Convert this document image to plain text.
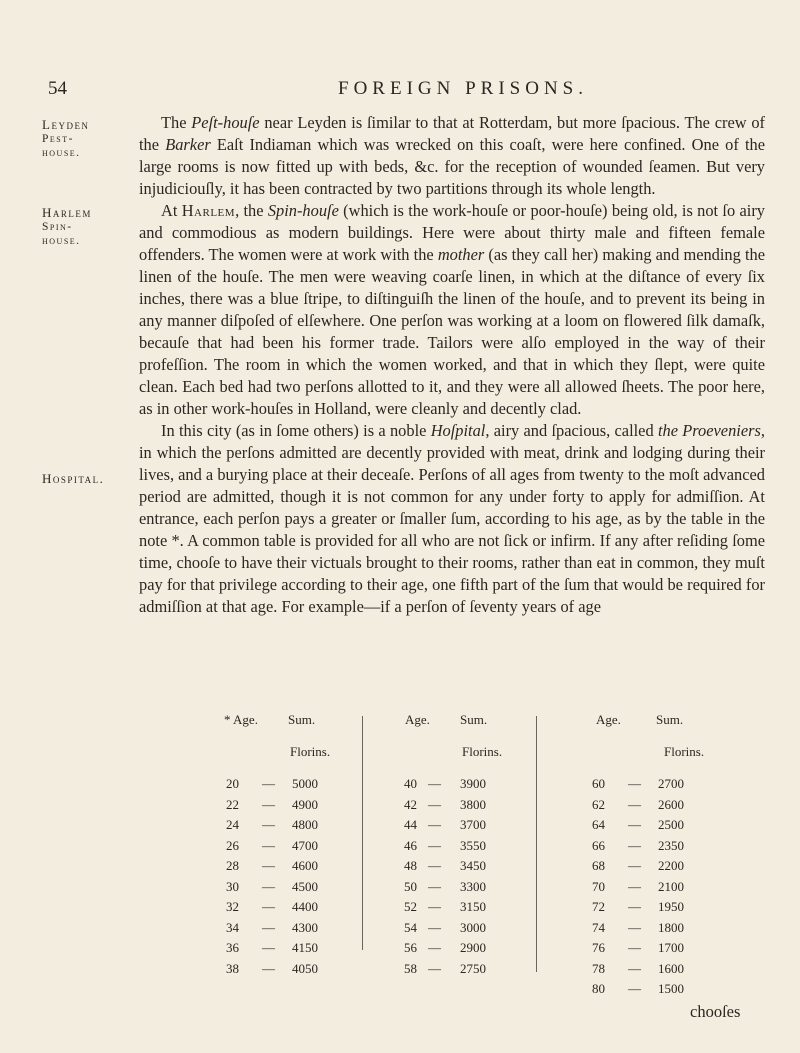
54	FOREIGN PRISONS.
Leyden
Pest-
house.
Harlem
Spin-
house.
Hospital.

The Peſt-houſe near Leyden is ſimilar to that at Rotterdam, but more ſpacious. The crew of the Barker Eaſt Indiaman which was wrecked on this coaſt, were here confined. One of the large rooms is now fitted up with beds, &c. for the reception of wounded ſeamen. But very injudiciouſly, it has been contracted by two partitions through its whole length.

At Harlem, the Spin-houſe (which is the work-houſe or poor-houſe) being old, is not ſo airy and commodious as modern buildings. Here were about thirty male and fifteen female offenders. The women were at work with the mother (as they call her) making and mending the linen of the houſe. The men were weaving coarſe linen, in which at the diſtance of every ſix inches, there was a blue ſtripe, to diſtinguiſh the linen of the houſe, and to prevent its being in any manner diſpoſed of elſewhere. One perſon was working at a loom on flowered ſilk damaſk, becauſe that had been his former trade. Tailors were alſo employed in the way of their profeſſion. The room in which the women worked, and that in which they ſlept, were quite clean. Each bed had two perſons allotted to it, and they were all allowed ſheets. The poor here, as in other work-houſes in Holland, were cleanly and decently clad.

In this city (as in ſome others) is a noble Hoſpital, airy and ſpacious, called the Proeveniers, in which the perſons admitted are decently provided with meat, drink and lodging during their lives, and a burying place at their deceaſe. Perſons of all ages from twenty to the moſt advanced period are admitted, though it is not common for any under forty to apply for admiſſion. At entrance, each perſon pays a greater or ſmaller ſum, according to his age, as by the table in the note *. A common table is provided for all who are not ſick or infirm. If any after reſiding ſome time, chooſe to have their victuals brought to their rooms, rather than eat in common, they muſt pay for that privilege according to their age, one fifth part of the ſum that would be required for admiſſion at that age. For example—if a perſon of ſeventy years of age

* Age. Sum.
Florins.
20 — 5000
22 — 4900
24 — 4800
26 — 4700
28 — 4600
30 — 4500
32 — 4400
34 — 4300
36 — 4150
38 — 4050
Age. Sum.
Florins.
40 — 3900
42 — 3800
44 — 3700
46 — 3550
48 — 3450
50 — 3300
52 — 3150
54 — 3000
56 — 2900
58 — 2750
Age.	Sum.
Florins.
60 — 2700
62 — 2600
64 — 2500
66 — 2350
68 — 2200
70 — 2100
72 — 1950
74 — 1800
76 — 1700
78 — 1600
80 — 1500
chooſes
